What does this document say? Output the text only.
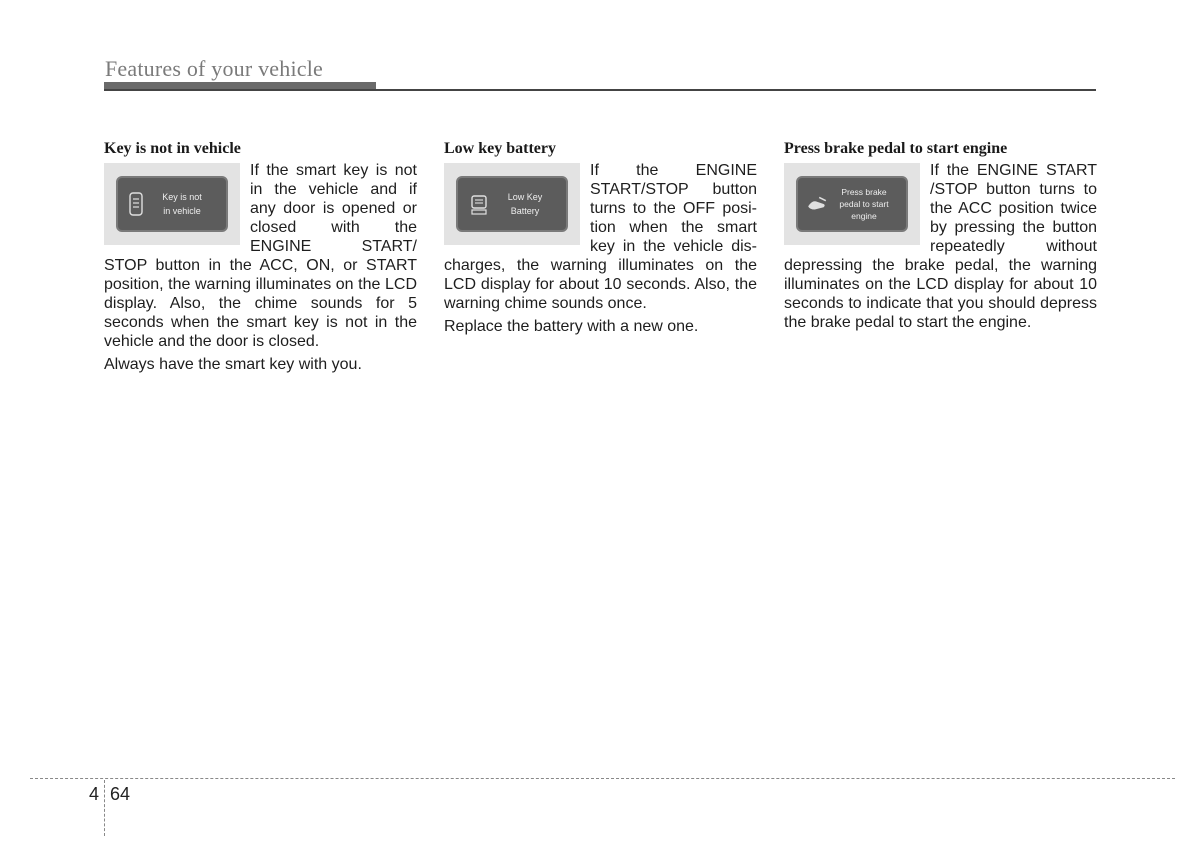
Features of your vehicle
Key is not in vehicle
Key is not
in vehicle

If the smart key is not in the vehicle and if any door is opened or closed with the ENGINE START/ STOP button in the ACC, ON, or START position, the warning illuminates on the LCD display. Also, the chime sounds for 5 seconds when the smart key is not in the vehicle and the door is closed.

Always have the smart key with you.

Low key battery
Low Key
Battery

If the ENGINE START/STOP button turns to the OFF posi-tion when the smart key in the vehicle dis-charges, the warning illuminates on the LCD display for about 10 seconds. Also, the warning chime sounds once.

Replace the battery with a new one.

Press brake pedal to start engine
Press brake
pedal to start
engine

If the ENGINE START /STOP button turns to the ACC position twice by pressing the button repeatedly without depressing the brake pedal, the warning illuminates on the LCD display for about 10 seconds to indicate that you should depress the brake pedal to start the engine.

4 64
